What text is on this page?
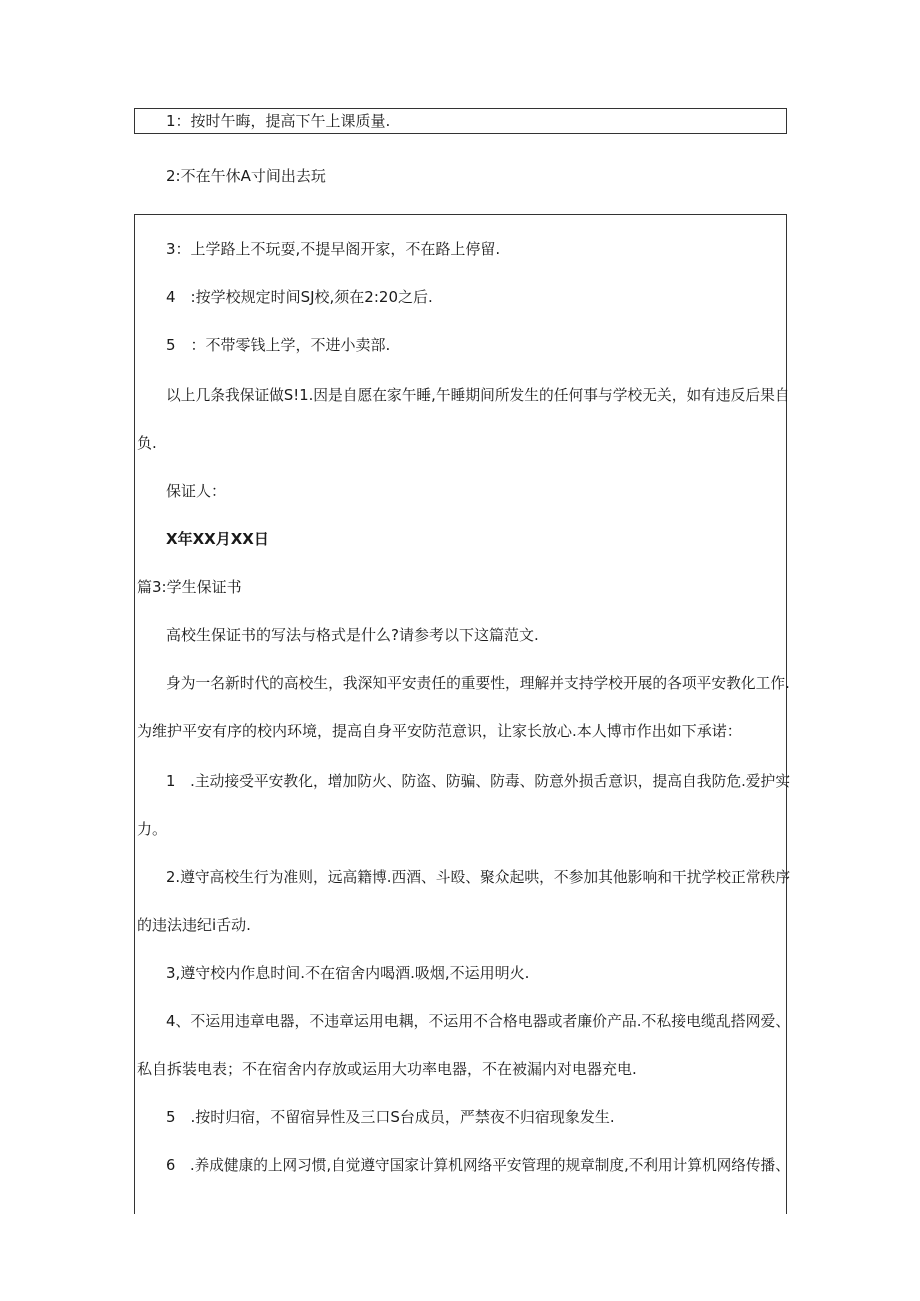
1：按时午晦，提高下午上课质量.
2:不在午休A寸间出去玩
3：上学路上不玩耍,不提早阁开家，不在路上停留.
4　:按学校规定时间SJ校,须在2:20之后.
5　：不带零钱上学，不进小卖部.
以上几条我保证做S!1.因是自愿在家午睡,午睡期间所发生的任何事与学校无关，如有违反后果自
负.
保证人：
X年XX月XX日
篇3:学生保证书
高校生保证书的写法与格式是什么?请参考以下这篇范文.
身为一名新时代的高校生，我深知平安责任的重要性，理解并支持学校开展的各项平安教化工作.
为维护平安有序的校内环境，提高自身平安防范意识，让家长放心.本人博市作出如下承诺：
1　.主动接受平安教化，增加防火、防盗、防骗、防毒、防意外损舌意识，提高自我防危.爱护实
力。
2.遵守高校生行为准则，远高籍博.西酒、斗殴、聚众起哄，不参加其他影响和干扰学校正常秩序
的违法违纪i舌动.
3,遵守校内作息时间.不在宿舍内喝酒.吸烟,不运用明火.
4、不运用违章电器，不违章运用电耦，不运用不合格电器或者廉价产品.不私接电缆乱搭网爱、
私自拆装电表；不在宿舍内存放或运用大功率电器，不在被漏内对电器充电.
5　.按时归宿，不留宿异性及三口S台成员，严禁夜不归宿现象发生.
6　.养成健康的上网习惯,自觉遵守国家计算机网络平安管理的规章制度,不利用计算机网络传播、
